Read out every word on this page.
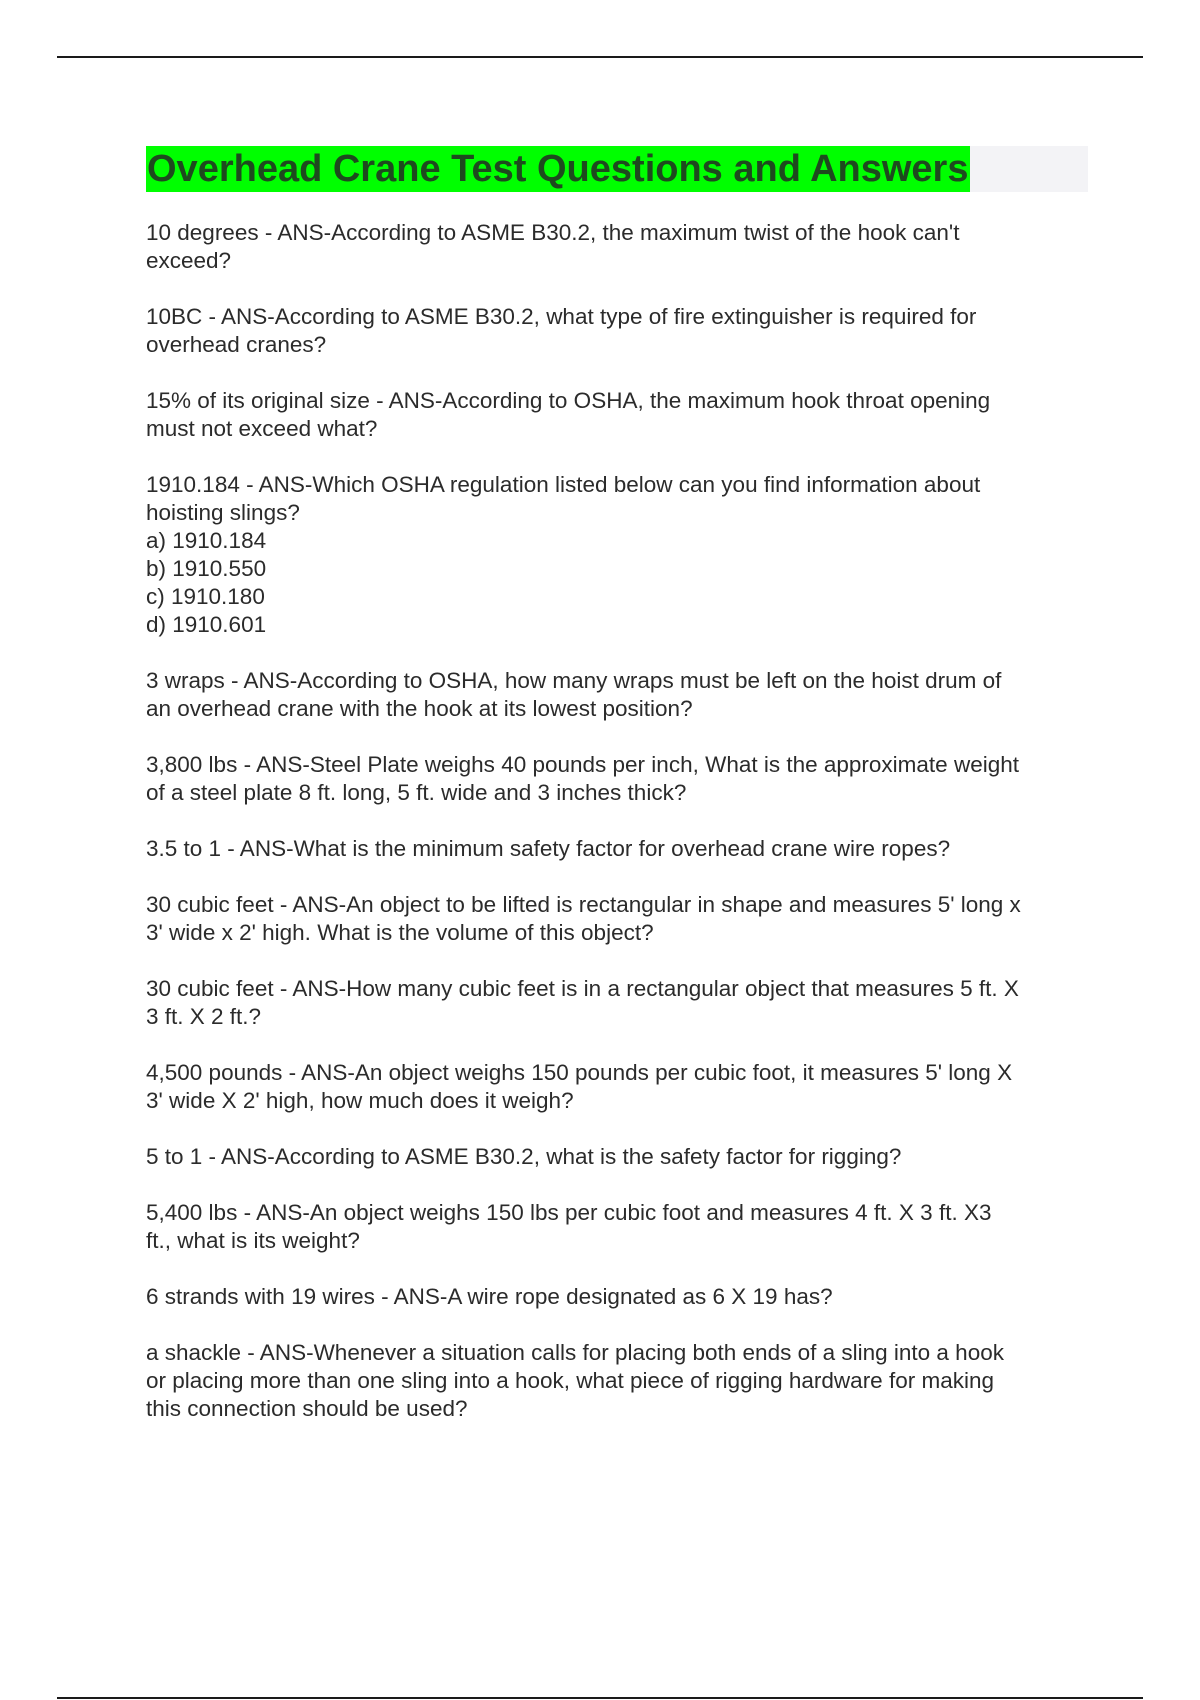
Overhead Crane Test Questions and Answers
10 degrees - ANS-According to ASME B30.2, the maximum twist of the hook can't
exceed?
10BC - ANS-According to ASME B30.2, what type of fire extinguisher is required for
overhead cranes?
15% of its original size - ANS-According to OSHA, the maximum hook throat opening
must not exceed what?
1910.184 - ANS-Which OSHA regulation listed below can you find information about
hoisting slings?
a) 1910.184
b) 1910.550
c) 1910.180
d) 1910.601
3 wraps - ANS-According to OSHA, how many wraps must be left on the hoist drum of
an overhead crane with the hook at its lowest position?
3,800 lbs - ANS-Steel Plate weighs 40 pounds per inch, What is the approximate weight
of a steel plate 8 ft. long, 5 ft. wide and 3 inches thick?
3.5 to 1 - ANS-What is the minimum safety factor for overhead crane wire ropes?
30 cubic feet - ANS-An object to be lifted is rectangular in shape and measures 5' long x
3' wide x 2' high. What is the volume of this object?
30 cubic feet - ANS-How many cubic feet is in a rectangular object that measures 5 ft. X
3 ft. X 2 ft.?
4,500 pounds - ANS-An object weighs 150 pounds per cubic foot, it measures 5' long X
3' wide X 2' high, how much does it weigh?
5 to 1 - ANS-According to ASME B30.2, what is the safety factor for rigging?
5,400 lbs - ANS-An object weighs 150 lbs per cubic foot and measures 4 ft. X 3 ft. X3
ft., what is its weight?
6 strands with 19 wires - ANS-A wire rope designated as 6 X 19 has?
a shackle - ANS-Whenever a situation calls for placing both ends of a sling into a hook
or placing more than one sling into a hook, what piece of rigging hardware for making
this connection should be used?
